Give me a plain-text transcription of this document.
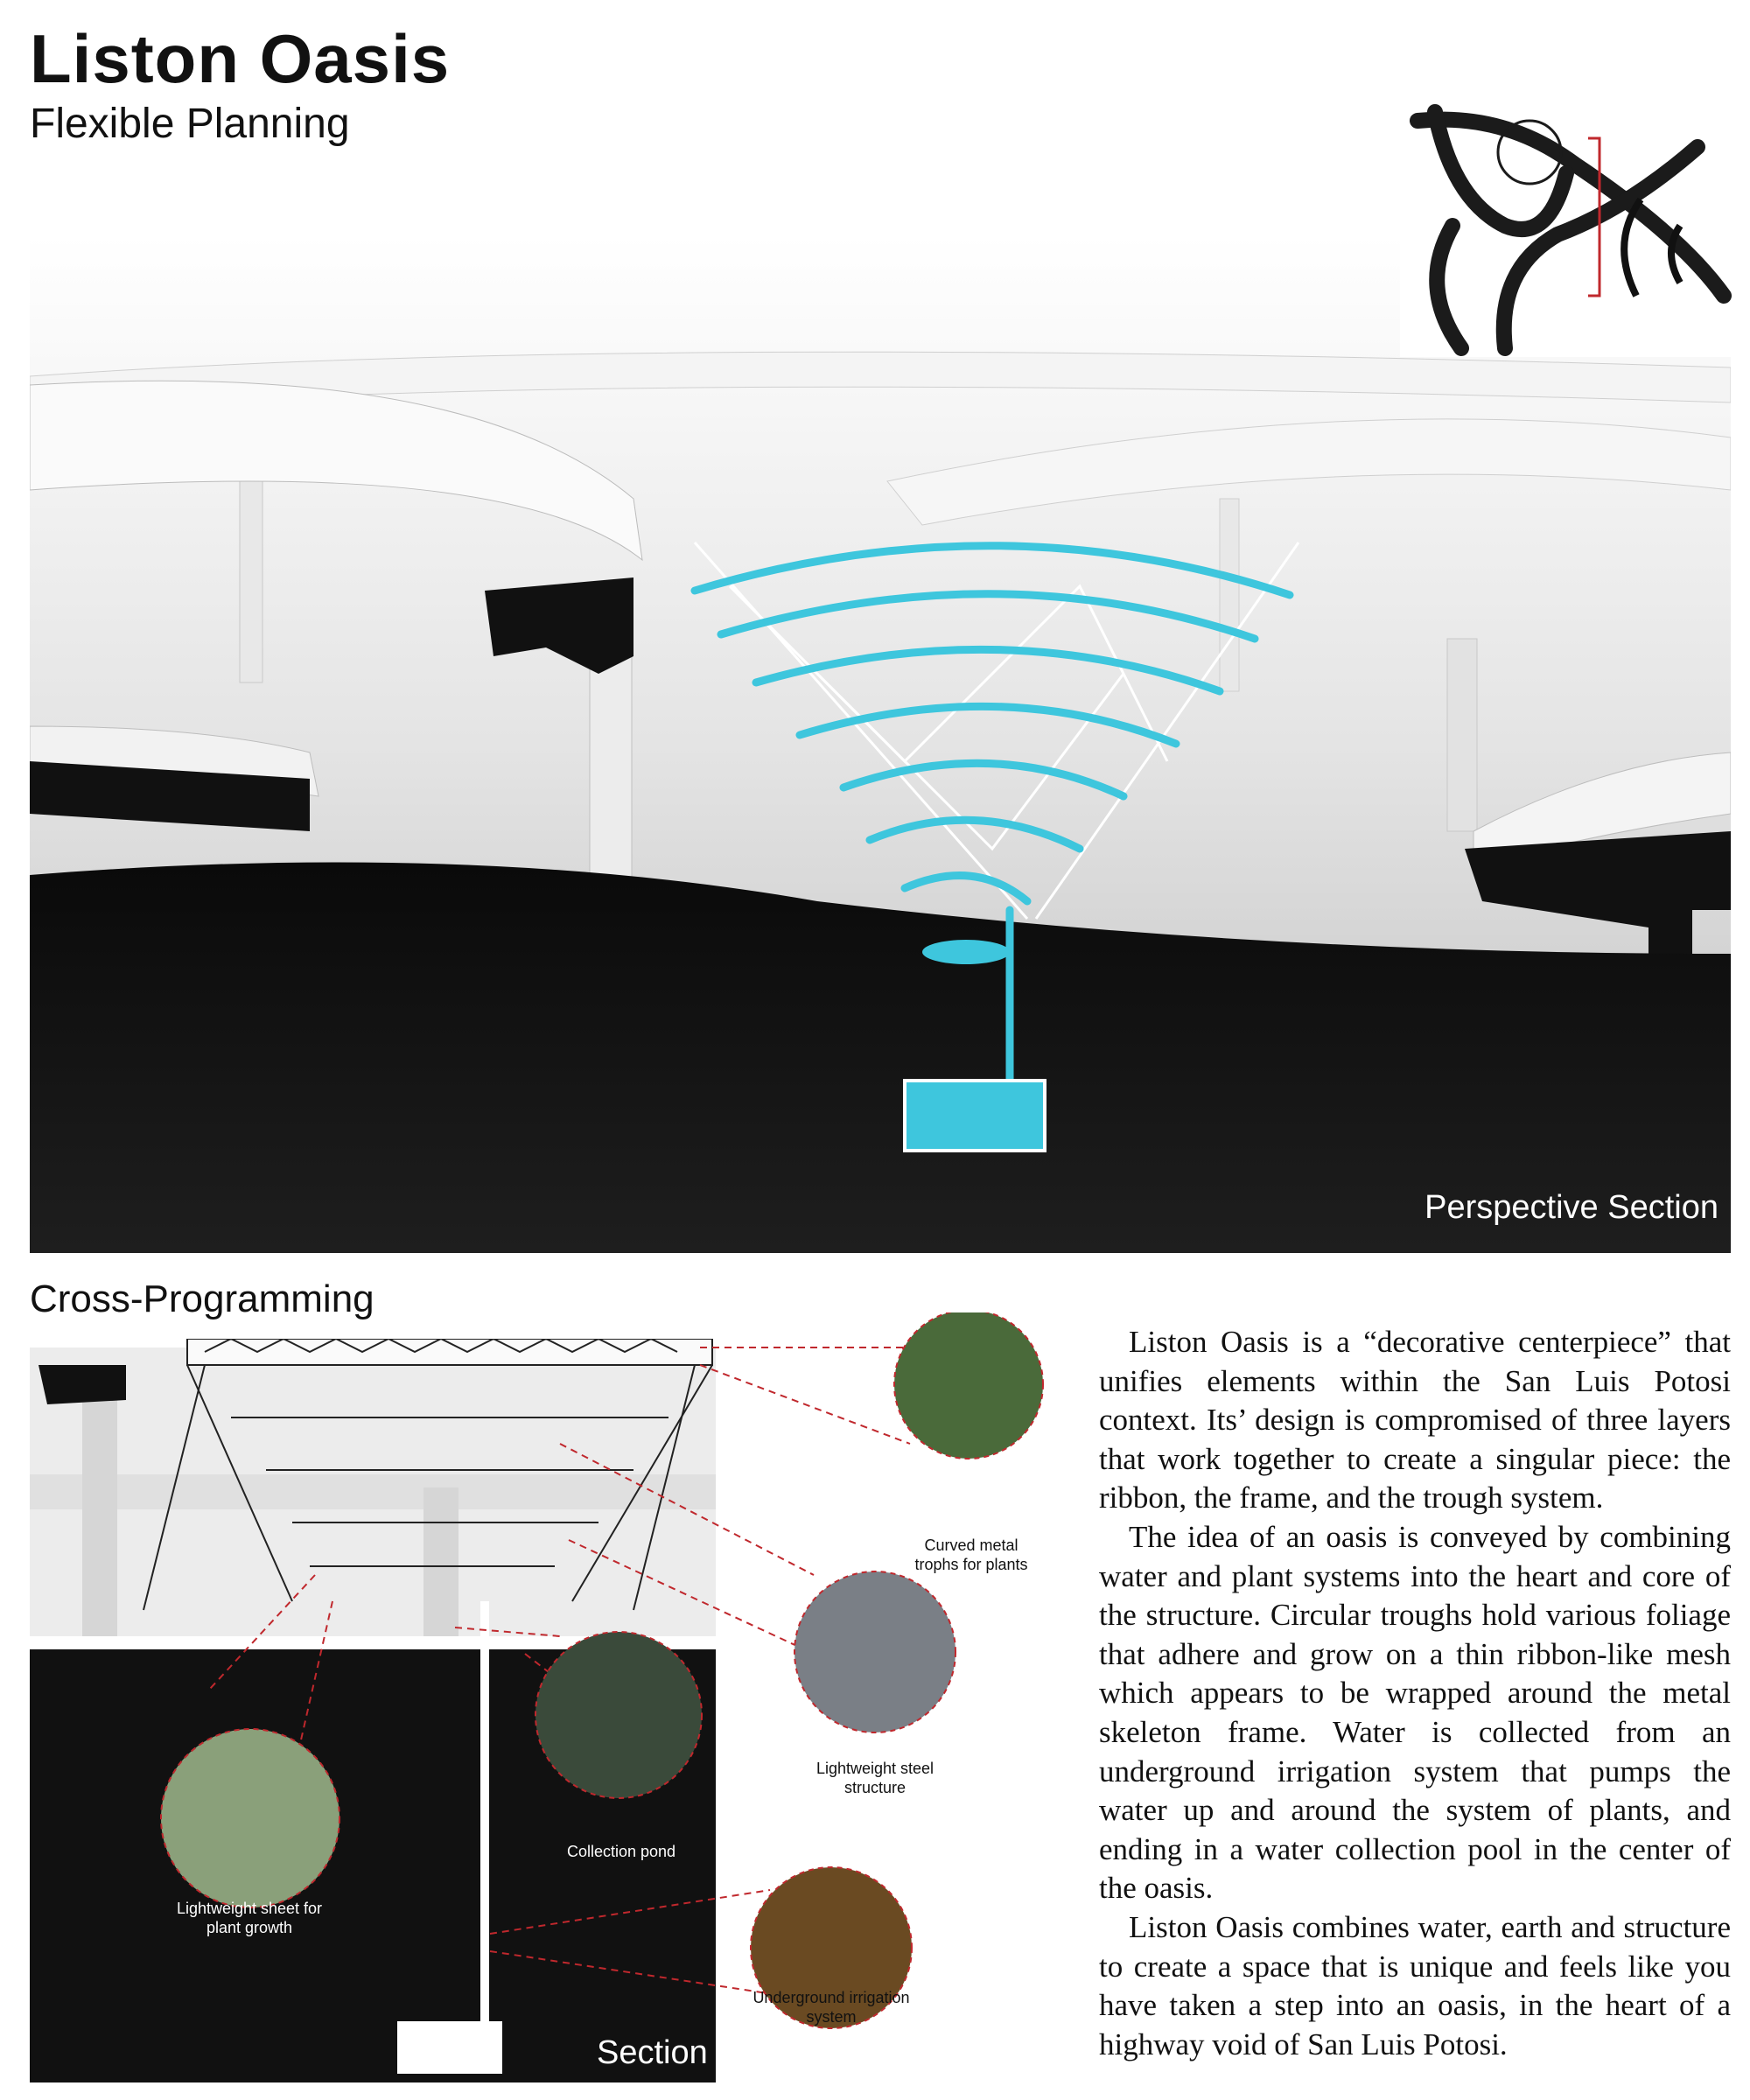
Liston Oasis
Flexible Planning
Perspective Section
Cross-Programming
Section
Curved metal trophs for plants
Lightweight steel structure
Collection pond
Lightweight sheet for plant growth
Underground irrigation system

Liston Oasis is a “decorative centerpiece” that unifies elements within the San Luis Potosi context. Its’ design is compromised of three layers that work together to create a singular piece: the ribbon, the frame, and the trough system.

The idea of an oasis is conveyed by combining water and plant systems into the heart and core of the structure. Circular troughs hold various foliage that adhere and grow on a thin ribbon-like mesh which appears to be wrapped around the metal skeleton frame. Water is collected from an underground irrigation system that pumps the water up and around the system of plants, and ending in a water collection pool in the center of the oasis.

Liston Oasis combines water, earth and structure to create a space that is unique and feels like you have taken a step into an oasis, in the heart of a highway void of San Luis Potosi.
